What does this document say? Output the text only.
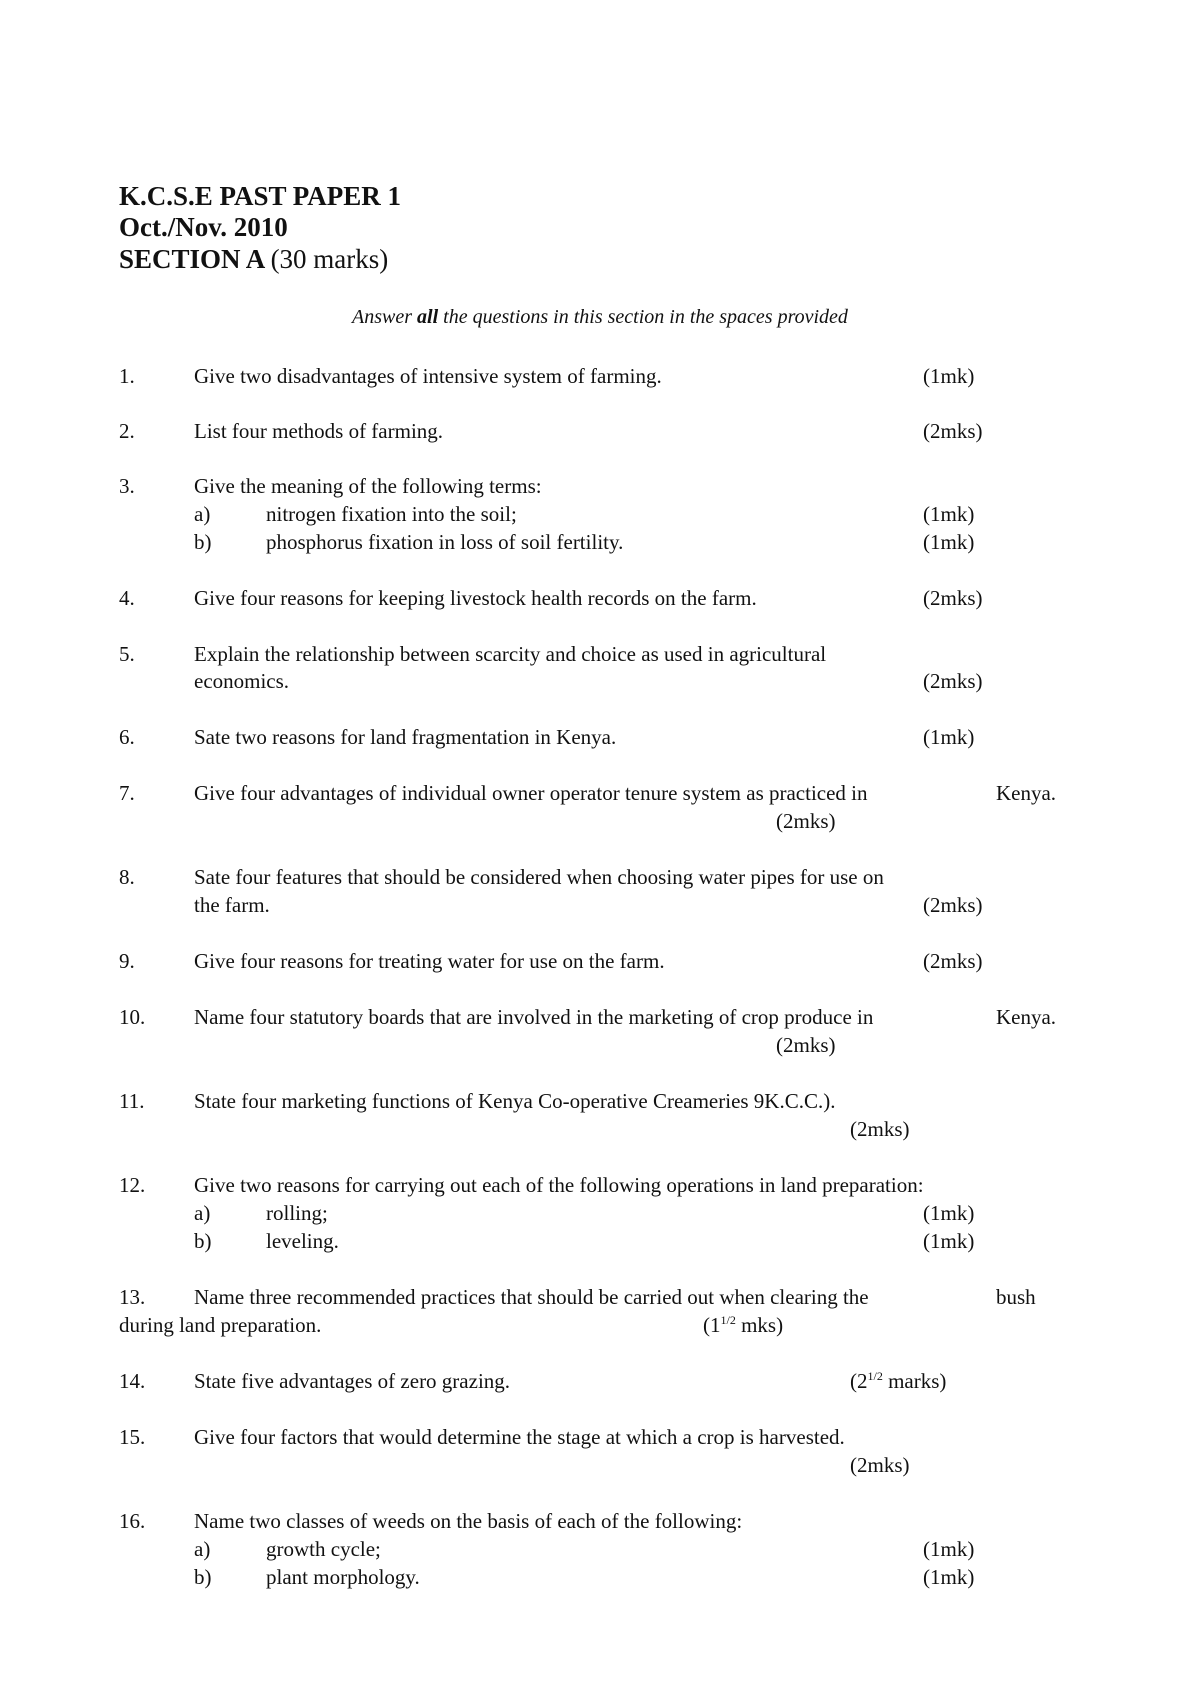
K.C.S.E PAST PAPER 1
Oct./Nov. 2010
SECTION A (30 marks)
Answer all the questions in this section in the spaces provided
1.	Give two disadvantages of intensive system of farming.	(1mk)
2.	List four methods of farming.	(2mks)
3.	Give the meaning of the following terms:
a)	nitrogen fixation into the soil;	(1mk)
b)	phosphorus fixation in loss of soil fertility.	(1mk)
4.	Give four reasons for keeping livestock health records on the farm.	(2mks)
5.	Explain the relationship between scarcity and choice as used in agricultural
economics.	(2mks)
6.	Sate two reasons for land fragmentation in Kenya.	(1mk)
7.	Give four advantages of individual owner operator tenure system as practiced in	Kenya.
(2mks)
8.	Sate four features that should be considered when choosing water pipes for use on
the farm.	(2mks)
9.	Give four reasons for treating water for use on the farm.	(2mks)
10. Name four statutory boards that are involved in the marketing of crop produce in	Kenya.
(2mks)
11. State four marketing functions of Kenya Co-operative Creameries 9K.C.C.).
(2mks)
12. Give two reasons for carrying out each of the following operations in land preparation:
a)	rolling;	(1mk)
b)	leveling.	(1mk)
13. Name three recommended practices that should be carried out when clearing the	bush
during land preparation.	($1^{1/2}$ mks)
14. State five advantages of zero grazing.	($2^{1/2}$ marks)
15. Give four factors that would determine the stage at which a crop is harvested.
(2mks)
16. Name two classes of weeds on the basis of each of the following:
a)	growth cycle;	(1mk)
b)	plant morphology.	(1mk)
